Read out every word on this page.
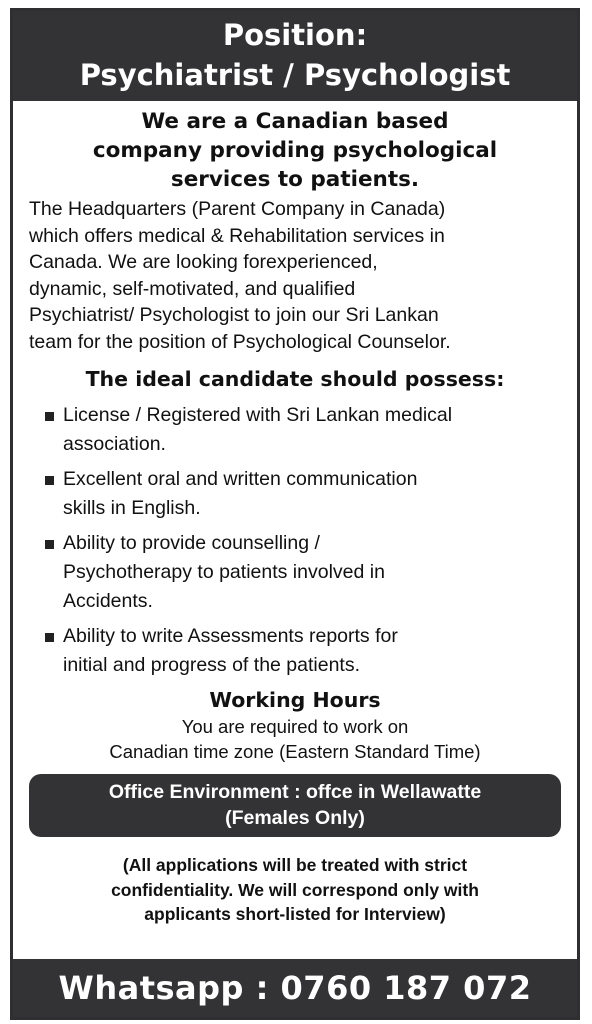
Position:
Psychiatrist / Psychologist
We are a Canadian based
company providing psychological
services to patients.
The Headquarters (Parent Company in Canada)
which offers medical & Rehabilitation services in
Canada. We are looking forexperienced,
dynamic, self-motivated, and qualified
Psychiatrist/ Psychologist to join our Sri Lankan
team for the position of Psychological Counselor.
The ideal candidate should possess:
License / Registered with Sri Lankan medical
association.
Excellent oral and written communication
skills in English.
Ability to provide counselling /
Psychotherapy to patients involved in
Accidents.
Ability to write Assessments reports for
initial and progress of the patients.
Working Hours
You are required to work on
Canadian time zone (Eastern Standard Time)
Office Environment : offce in Wellawatte
(Females Only)
(All applications will be treated with strict
confidentiality. We will correspond only with
applicants short-listed for Interview)
Whatsapp : 0760 187 072
